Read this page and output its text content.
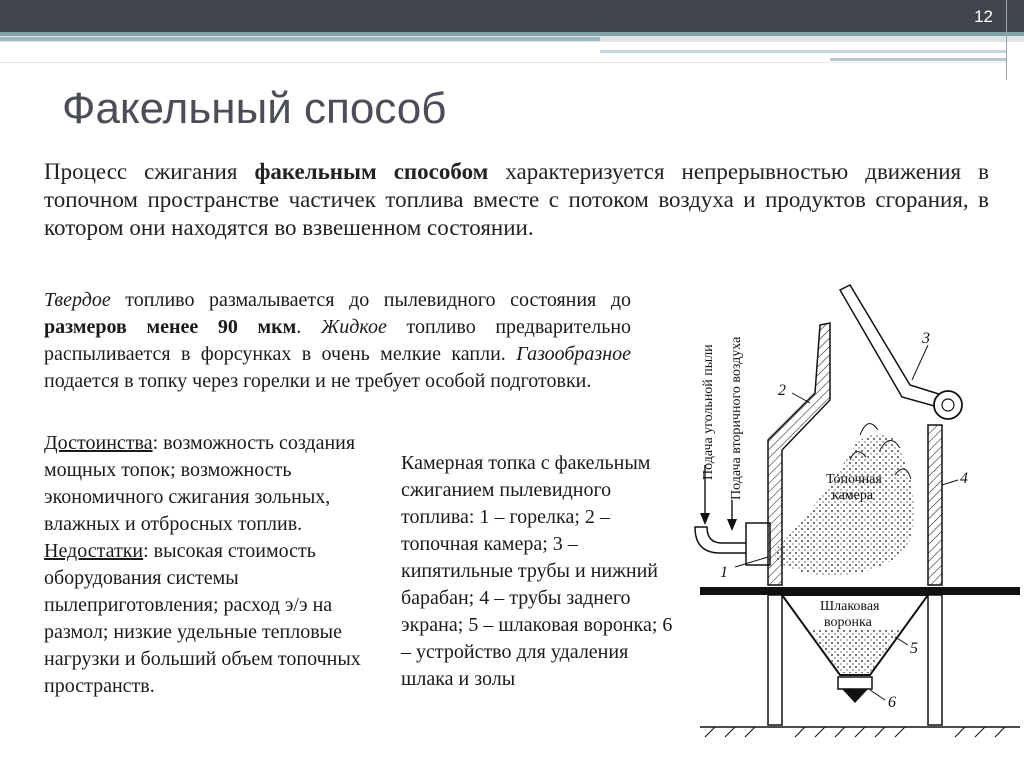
12
Факельный способ

Процесс сжигания факельным способом характеризуется непрерывностью движения в топочном пространстве частичек топлива вместе с потоком воздуха и продуктов сгорания, в котором они находятся во взвешенном состоянии.

Твердое топливо размалывается до пылевидного состояния до размеров менее 90 мкм. Жидкое топливо предварительно распыливается в форсунках в очень мелкие капли. Газообразное подается в топку через горелки и не требует особой подготовки.

Достоинства: возможность создания мощных топок; возможность экономичного сжигания зольных, влажных и отбросных топлив.
Недостатки: высокая стоимость оборудования системы пылеприготовления; расход э/э на размол; низкие удельные тепловые нагрузки и больший объем топочных пространств.

Камерная топка с факельным сжиганием пылевидного топлива: 1 – горелка; 2 – топочная камера; 3 – кипятильные трубы и нижний барабан; 4 – трубы заднего экрана; 5 – шлаковая воронка; 6 – устройство для удаления шлака и золы

Подача угольной пыли Подача вторичного воздуха	Топочная
камера
Шлаковая
воронка
1
2
3
4
5
6
